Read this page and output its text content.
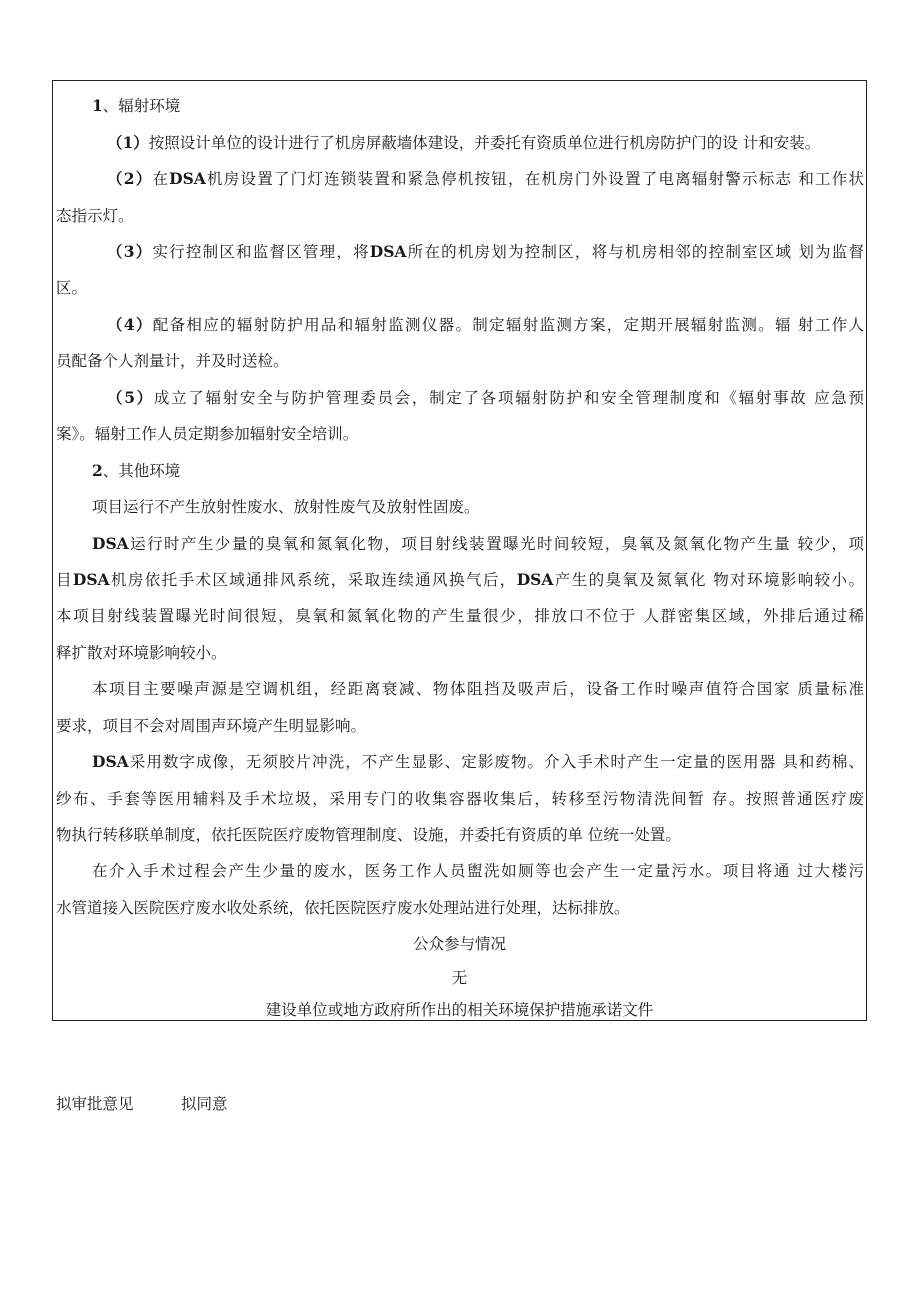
1、辐射环境
（1）按照设计单位的设计进行了机房屏蔽墙体建设，并委托有资质单位进行机房防护门的设 计和安装。
（2）在DSA机房设置了门灯连锁装置和紧急停机按钮，在机房门外设置了电离辐射警示标志 和工作状
态指示灯。
（3）实行控制区和监督区管理，将DSA所在的机房划为控制区，将与机房相邻的控制室区域 划为监督
区。
（4）配备相应的辐射防护用品和辐射监测仪器。制定辐射监测方案，定期开展辐射监测。辐 射工作人
员配备个人剂量计，并及时送检。
（5）成立了辐射安全与防护管理委员会，制定了各项辐射防护和安全管理制度和《辐射事故 应急预
案》。辐射工作人员定期参加辐射安全培训。
2、其他环境
项目运行不产生放射性废水、放射性废气及放射性固废。
DSA运行时产生少量的臭氧和氮氧化物，项目射线装置曝光时间较短，臭氧及氮氧化物产生量 较少，项
目DSA机房依托手术区域通排风系统，采取连续通风换气后，DSA产生的臭氧及氮氧化 物对环境影响较小。
本项目射线装置曝光时间很短，臭氧和氮氧化物的产生量很少，排放口不位于 人群密集区域，外排后通过稀
释扩散对环境影响较小。
本项目主要噪声源是空调机组，经距离衰减、物体阻挡及吸声后，设备工作时噪声值符合国家 质量标准
要求，项目不会对周围声环境产生明显影响。
DSA采用数字成像，无须胶片冲洗，不产生显影、定影废物。介入手术时产生一定量的医用器 具和药棉、
纱布、手套等医用辅料及手术垃圾，采用专门的收集容器收集后，转移至污物清洗间暂 存。按照普通医疗废
物执行转移联单制度，依托医院医疗废物管理制度、设施，并委托有资质的单 位统一处置。
在介入手术过程会产生少量的废水，医务工作人员盥洗如厕等也会产生一定量污水。项目将通 过大楼污
水管道接入医院医疗废水收处系统，依托医院医疗废水处理站进行处理，达标排放。
公众参与情况
无
建设单位或地方政府所作出的相关环境保护措施承诺文件
拟审批意见	拟同意
